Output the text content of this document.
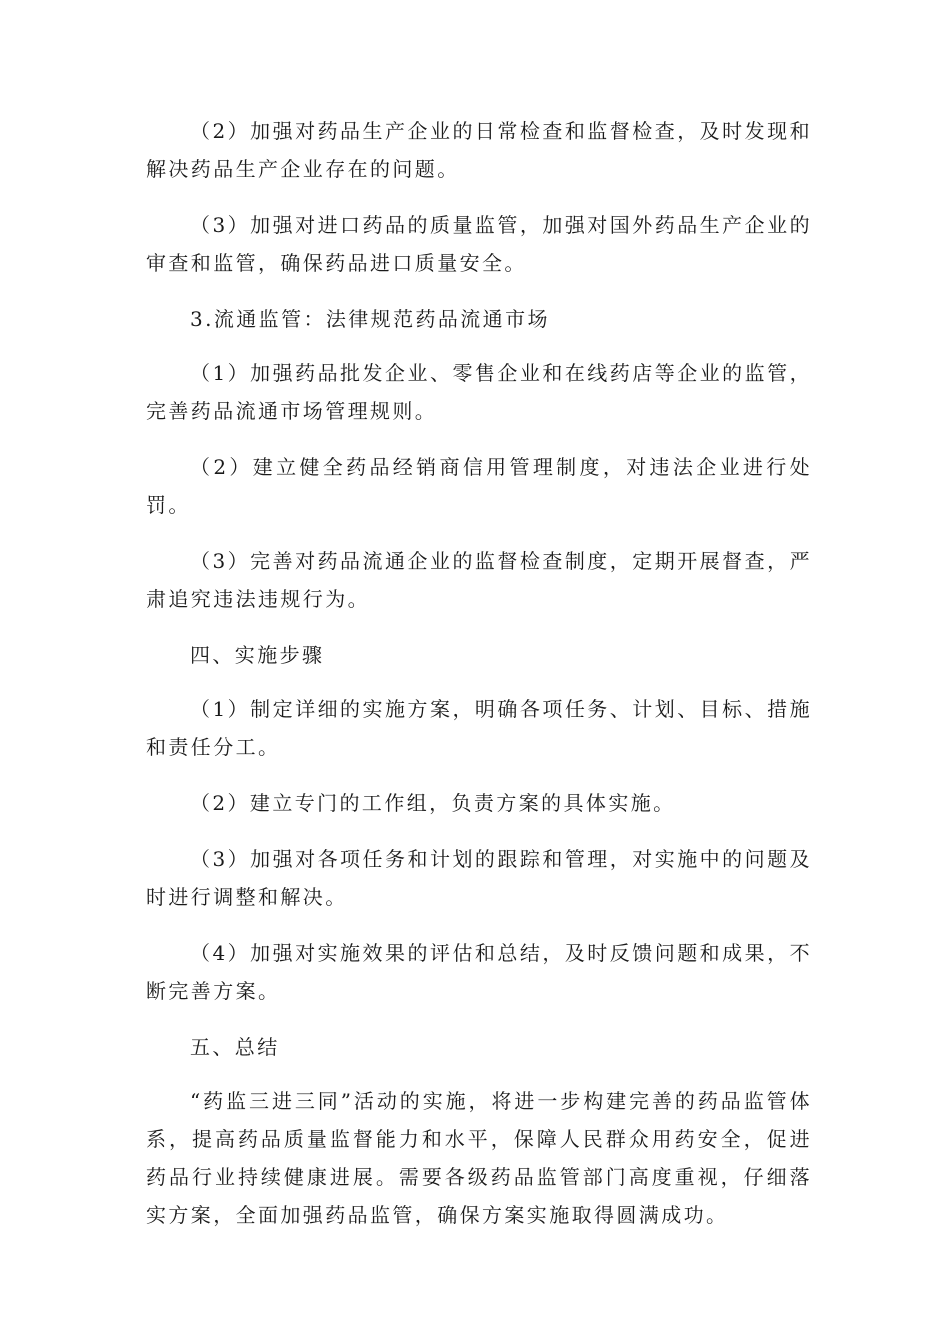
（2）加强对药品生产企业的日常检查和监督检查，及时发现和解决药品生产企业存在的问题。

（3）加强对进口药品的质量监管，加强对国外药品生产企业的审查和监管，确保药品进口质量安全。

3.流通监管：法律规范药品流通市场

（1）加强药品批发企业、零售企业和在线药店等企业的监管，完善药品流通市场管理规则。

（2）建立健全药品经销商信用管理制度，对违法企业进行处罚。

（3）完善对药品流通企业的监督检查制度，定期开展督查，严肃追究违法违规行为。

四、实施步骤

（1）制定详细的实施方案，明确各项任务、计划、目标、措施和责任分工。

（2）建立专门的工作组，负责方案的具体实施。

（3）加强对各项任务和计划的跟踪和管理，对实施中的问题及时进行调整和解决。

（4）加强对实施效果的评估和总结，及时反馈问题和成果，不断完善方案。

五、总结

“药监三进三同”活动的实施，将进一步构建完善的药品监管体系，提高药品质量监督能力和水平，保障人民群众用药安全，促进药品行业持续健康进展。需要各级药品监管部门高度重视，仔细落实方案，全面加强药品监管，确保方案实施取得圆满成功。
